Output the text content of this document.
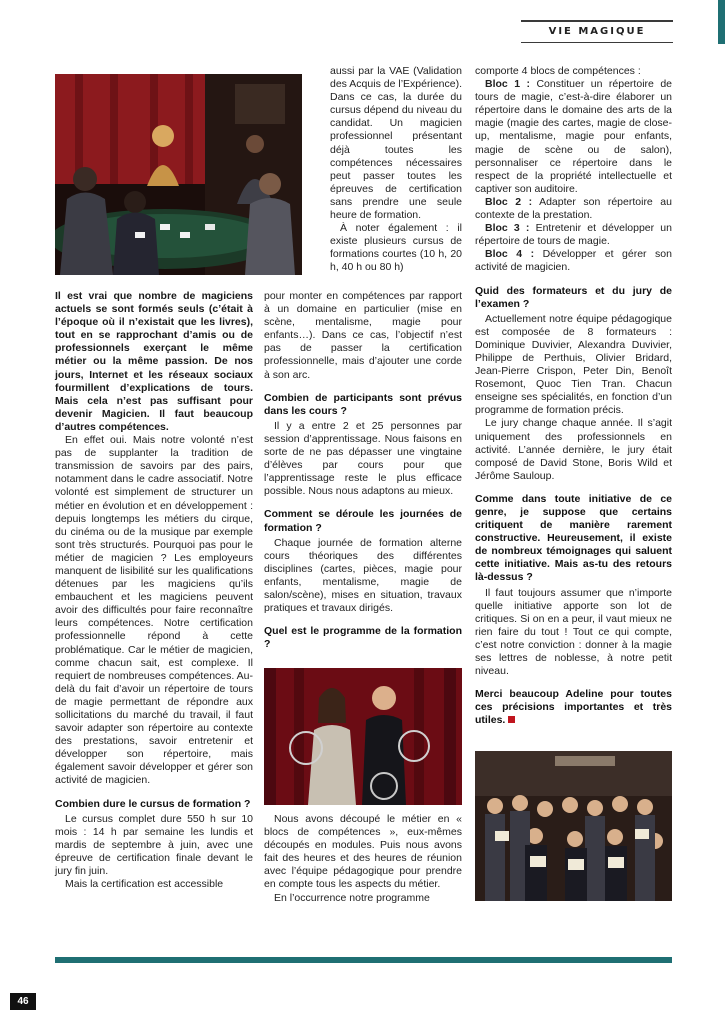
VIE MAGIQUE

Il est vrai que nombre de magiciens actuels se sont formés seuls (c’était à l’époque où il n’existait que les livres), tout en se rapprochant d’amis ou de professionnels exerçant le même métier ou la même passion. De nos jours, Internet et les réseaux sociaux fourmillent d’explications de tours. Mais cela n’est pas suffisant pour devenir Magicien. Il faut beaucoup d’autres compétences.

En effet oui. Mais notre volonté n’est pas de supplanter la tradition de transmission de savoirs par des pairs, notamment dans le cadre associatif. Notre volonté est simplement de structurer un métier en évolution et en développement : depuis longtemps les métiers du cirque, du cinéma ou de la musique par exemple sont très structurés. Pourquoi pas pour le métier de magicien ? Les employeurs manquent de lisibilité sur les qualifications détenues par les magiciens qu’ils embauchent et les magiciens peuvent avoir des difficultés pour faire reconnaître leurs compétences. Notre certification professionnelle répond à cette problématique. Car le métier de magicien, comme chacun sait, est complexe. Il requiert de nombreuses compétences. Au-delà du fait d’avoir un répertoire de tours de magie permettant de répondre aux sollicitations du marché du travail, il faut savoir adapter son répertoire au contexte des prestations, savoir entretenir et développer son répertoire, mais également savoir développer et gérer son activité de magicien.

Combien dure le cursus de formation ?

Le cursus complet dure 550 h sur 10 mois : 14 h par semaine les lundis et mardis de septembre à juin, avec une épreuve de certification finale devant le jury fin juin.

Mais la certification est accessible

aussi par la VAE (Validation des Acquis de l’Expérience). Dans ce cas, la durée du cursus dépend du niveau du candidat. Un magicien professionnel présentant déjà toutes les compétences nécessaires peut passer toutes les épreuves de certification sans prendre une seule heure de formation.

À noter également : il existe plusieurs cursus de formations courtes (10 h, 20 h, 40 h ou 80 h)

pour monter en compétences par rapport à un domaine en particulier (mise en scène, mentalisme, magie pour enfants…). Dans ce cas, l’objectif n’est pas de passer la certification professionnelle, mais d’ajouter une corde à son arc.

Combien de participants sont prévus dans les cours ?

Il y a entre 2 et 25 personnes par session d’apprentissage. Nous faisons en sorte de ne pas dépasser une vingtaine d’élèves par cours pour que l’apprentissage reste le plus efficace possible. Nous nous adaptons au mieux.

Comment se déroule les journées de formation ?

Chaque journée de formation alterne cours théoriques des différentes disciplines (cartes, pièces, magie pour enfants, mentalisme, magie de salon/scène), mises en situation, travaux pratiques et travaux dirigés.

Quel est le programme de la formation ?

Nous avons découpé le métier en « blocs de compétences », eux-mêmes découpés en modules. Puis nous avons fait des heures et des heures de réunion avec l’équipe pédagogique pour prendre en compte tous les aspects du métier.

En l’occurrence notre programme

comporte 4 blocs de compétences :

Bloc 1 : Constituer un répertoire de tours de magie, c’est-à-dire élaborer un répertoire dans le domaine des arts de la magie (magie des cartes, magie de close-up, mentalisme, magie pour enfants, magie de scène ou de salon), personnaliser ce répertoire dans le respect de la propriété intellectuelle et captiver son auditoire.

Bloc 2 : Adapter son répertoire au contexte de la prestation.

Bloc 3 : Entretenir et développer un répertoire de tours de magie.

Bloc 4 : Développer et gérer son activité de magicien.

Quid des formateurs et du jury de l’examen ?

Actuellement notre équipe pédagogique est composée de 8 formateurs : Dominique Duvivier, Alexandra Duvivier, Philippe de Perthuis, Olivier Bridard, Jean-Pierre Crispon, Peter Din, Benoît Rosemont, Quoc Tien Tran. Chacun enseigne ses spécialités, en fonction d’un programme de formation précis.

Le jury change chaque année. Il s’agit uniquement des professionnels en activité. L’année dernière, le jury était composé de David Stone, Boris Wild et Jérôme Sauloup.

Comme dans toute initiative de ce genre, je suppose que certains critiquent de manière rarement constructive. Heureusement, il existe de nombreux témoignages qui saluent cette initiative. Mais as-tu des retours là-dessus ?

Il faut toujours assumer que n’importe quelle initiative apporte son lot de critiques. Si on en a peur, il vaut mieux ne rien faire du tout ! Tout ce qui compte, c’est notre conviction : donner à la magie ses lettres de noblesse, à notre petit niveau.

Merci beaucoup Adeline pour toutes ces précisions importantes et très utiles.

46
